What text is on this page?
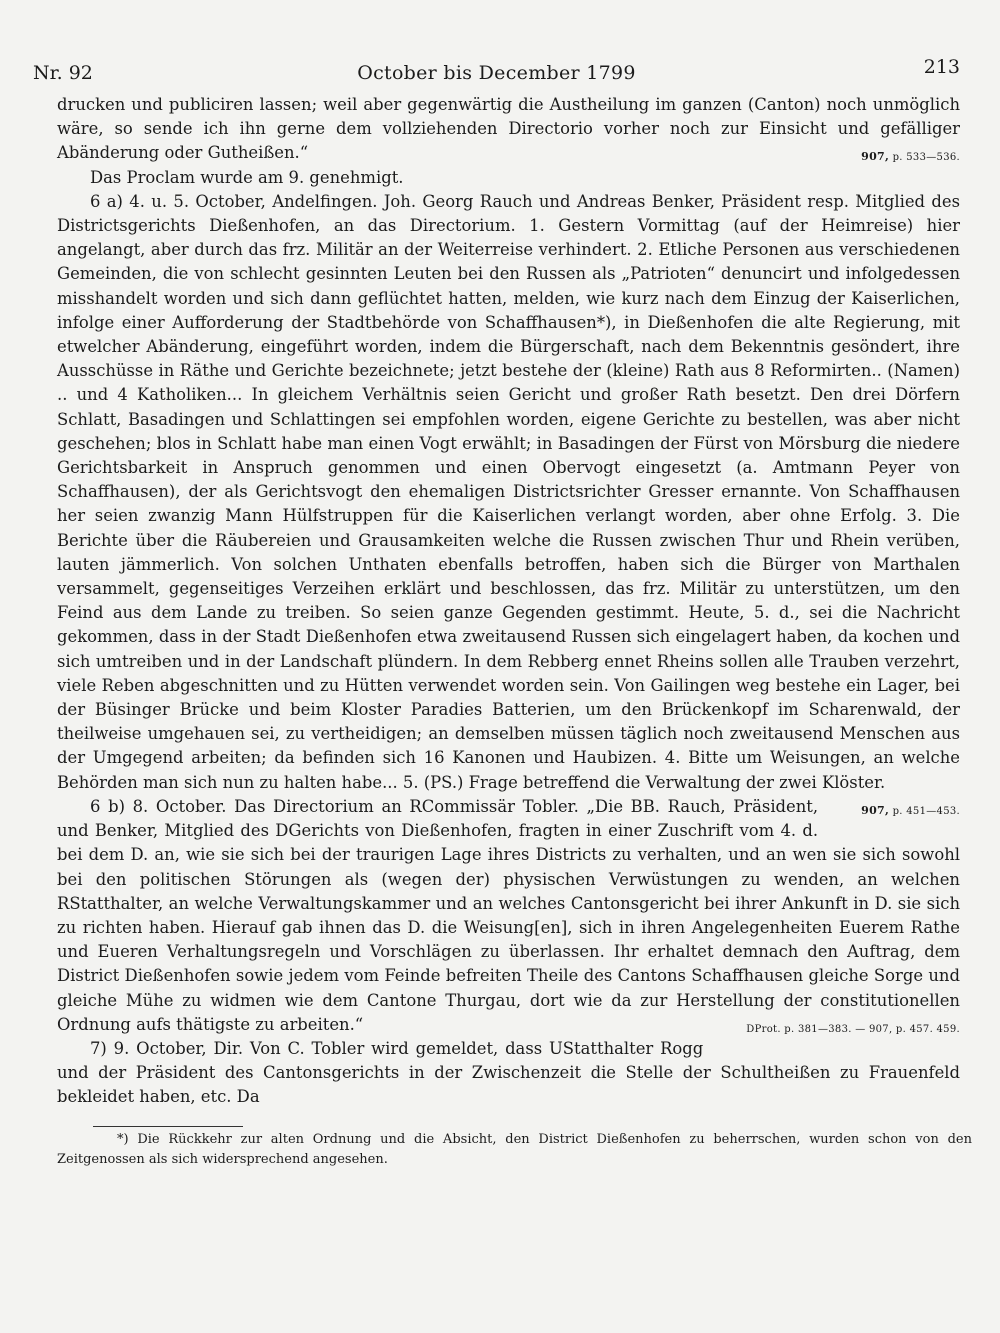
Nr. 92	October bis December 1799	213

drucken und publiciren lassen; weil aber gegenwärtig die Austheilung im ganzen (Canton) noch unmöglich wäre, so sende ich ihn gerne dem vollziehenden Directorio vorher noch zur Einsicht und gefälliger Abänderung oder Gutheißen.“	907, p. 533—536.

Das Proclam wurde am 9. genehmigt.

6 a) 4. u. 5. October, Andelfingen. Joh. Georg Rauch und Andreas Benker, Präsident resp. Mitglied des Districtsgerichts Dießenhofen, an das Directorium. 1. Gestern Vormittag (auf der Heimreise) hier angelangt, aber durch das frz. Militär an der Weiterreise verhindert. 2. Etliche Personen aus verschiedenen Gemeinden, die von schlecht gesinnten Leuten bei den Russen als „Patrioten“ denuncirt und infolgedessen misshandelt worden und sich dann geflüchtet hatten, melden, wie kurz nach dem Einzug der Kaiserlichen, infolge einer Aufforderung der Stadtbehörde von Schaffhausen*), in Dießenhofen die alte Regierung, mit etwelcher Abänderung, eingeführt worden, indem die Bürgerschaft, nach dem Bekenntnis gesöndert, ihre Ausschüsse in Räthe und Gerichte bezeichnete; jetzt bestehe der (kleine) Rath aus 8 Reformirten.. (Namen) .. und 4 Katholiken... In gleichem Verhältnis seien Gericht und großer Rath besetzt. Den drei Dörfern Schlatt, Basadingen und Schlattingen sei empfohlen worden, eigene Gerichte zu bestellen, was aber nicht geschehen; blos in Schlatt habe man einen Vogt erwählt; in Basadingen der Fürst von Mörsburg die niedere Gerichtsbarkeit in Anspruch genommen und einen Obervogt eingesetzt (a. Amtmann Peyer von Schaffhausen), der als Gerichtsvogt den ehemaligen Districtsrichter Gresser ernannte. Von Schaffhausen her seien zwanzig Mann Hülfstruppen für die Kaiserlichen verlangt worden, aber ohne Erfolg. 3. Die Berichte über die Räubereien und Grausamkeiten welche die Russen zwischen Thur und Rhein verüben, lauten jämmerlich. Von solchen Unthaten ebenfalls betroffen, haben sich die Bürger von Marthalen versammelt, gegenseitiges Verzeihen erklärt und beschlossen, das frz. Militär zu unterstützen, um den Feind aus dem Lande zu treiben. So seien ganze Gegenden gestimmt. Heute, 5. d., sei die Nachricht gekommen, dass in der Stadt Dießenhofen etwa zweitausend Russen sich eingelagert haben, da kochen und sich umtreiben und in der Landschaft plündern. In dem Rebberg ennet Rheins sollen alle Trauben verzehrt, viele Reben abgeschnitten und zu Hütten verwendet worden sein. Von Gailingen weg bestehe ein Lager, bei der Büsinger Brücke und beim Kloster Paradies Batterien, um den Brückenkopf im Scharenwald, der theilweise umgehauen sei, zu vertheidigen; an demselben müssen täglich noch zweitausend Menschen aus der Umgegend arbeiten; da befinden sich 16 Kanonen und Haubizen. 4. Bitte um Weisungen, an welche Behörden man sich nun zu halten habe... 5. (PS.) Frage betreffend die Verwaltung der zwei Klöster.
907, p. 451—453.

6 b) 8. October. Das Directorium an RCommissär Tobler. „Die BB. Rauch, Präsident, und Benker, Mitglied des DGerichts von Dießenhofen, fragten in einer Zuschrift vom 4. d. bei dem D. an, wie sie sich bei der traurigen Lage ihres Districts zu verhalten, und an wen sie sich sowohl bei den politischen Störungen als (wegen der) physischen Verwüstungen zu wenden, an welchen RStatthalter, an welche Verwaltungskammer und an welches Cantonsgericht bei ihrer Ankunft in D. sie sich zu richten haben. Hierauf gab ihnen das D. die Weisung[en], sich in ihren Angelegenheiten Euerem Rathe und Eueren Verhaltungsregeln und Vorschlägen zu überlassen. Ihr erhaltet demnach den Auftrag, dem District Dießenhofen sowie jedem vom Feinde befreiten Theile des Cantons Schaffhausen gleiche Sorge und gleiche Mühe zu widmen wie dem Cantone Thurgau, dort wie da zur Herstellung der constitutionellen Ordnung aufs thätigste zu arbeiten.“	DProt. p. 381—383. — 907, p. 457. 459.

7) 9. October, Dir. Von C. Tobler wird gemeldet, dass UStatthalter Rogg und der Präsident des Cantonsgerichts in der Zwischenzeit die Stelle der Schultheißen zu Frauenfeld bekleidet haben, etc. Da

*) Die Rückkehr zur alten Ordnung und die Absicht, den District Dießenhofen zu beherrschen, wurden schon von den Zeitgenossen als sich widersprechend angesehen.
